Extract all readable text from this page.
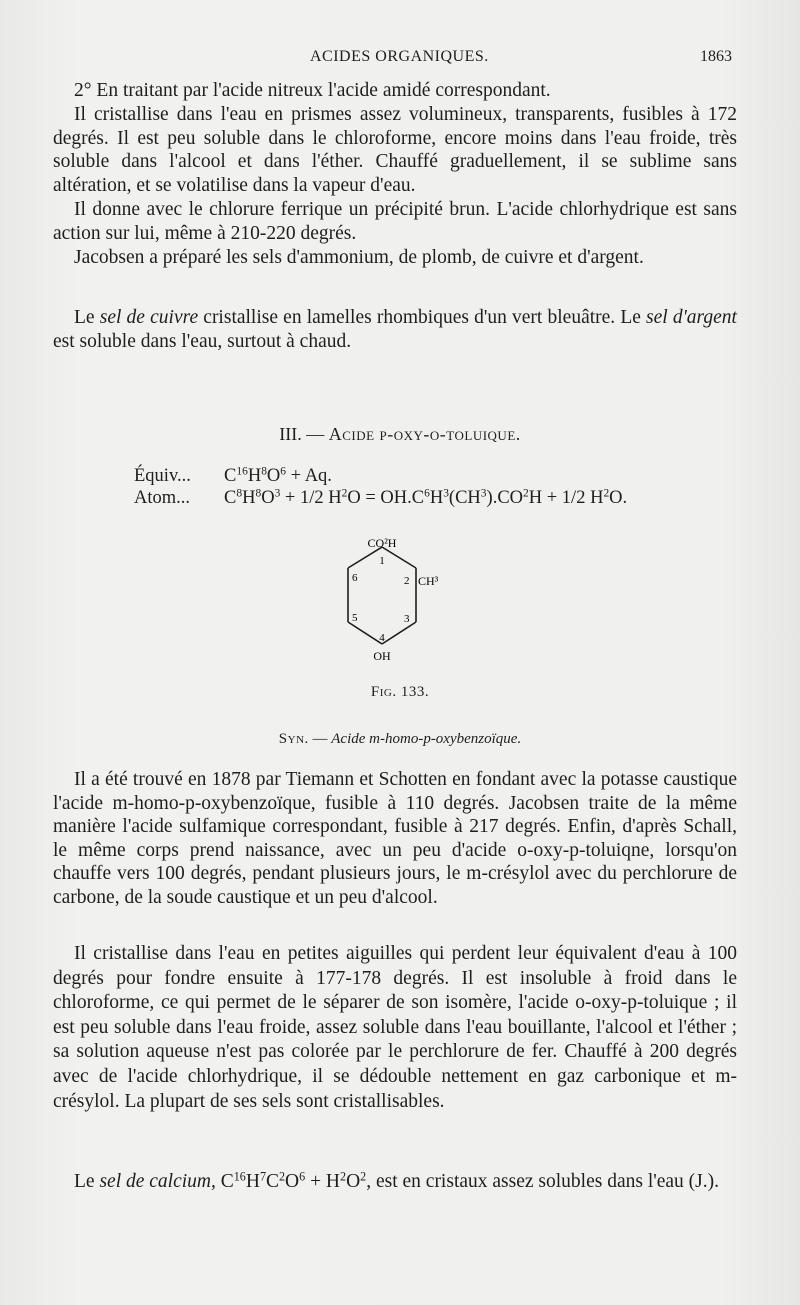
ACIDES ORGANIQUES.	1863

2° En traitant par l'acide nitreux l'acide amidé correspondant.

Il cristallise dans l'eau en prismes assez volumineux, transparents, fusibles à 172 degrés. Il est peu soluble dans le chloroforme, encore moins dans l'eau froide, très soluble dans l'alcool et dans l'éther. Chauffé graduellement, il se sublime sans altération, et se volatilise dans la vapeur d'eau.

Il donne avec le chlorure ferrique un précipité brun. L'acide chlorhydrique est sans action sur lui, même à 210-220 degrés.

Jacobsen a préparé les sels d'ammonium, de plomb, de cuivre et d'argent.

Le sel de cuivre cristallise en lamelles rhombiques d'un vert bleuâtre. Le sel d'argent est soluble dans l'eau, surtout à chaud.

III. — Acide p-oxy-o-toluique.
Équiv... $C^{16}H^8O^6 + Aq$.
Atom... $C^8H^8O^3 + 1/2$ $H^2O = OH.C^6H^3(CH^3).CO^2H + 1/2$ $H^2O$.
CO²H
CH³
OH
1
2
3
4
5
6
Fig. 133.
Syn. — Acide m-homo-p-oxybenzoïque.

Il a été trouvé en 1878 par Tiemann et Schotten en fondant avec la potasse caustique l'acide m-homo-p-oxybenzoïque, fusible à 110 degrés. Jacobsen traite de la même manière l'acide sulfamique correspondant, fusible à 217 degrés. Enfin, d'après Schall, le même corps prend naissance, avec un peu d'acide o-oxy-p-toluiqne, lorsqu'on chauffe vers 100 degrés, pendant plusieurs jours, le m-crésylol avec du perchlorure de carbone, de la soude caustique et un peu d'alcool.

Il cristallise dans l'eau en petites aiguilles qui perdent leur équivalent d'eau à 100 degrés pour fondre ensuite à 177-178 degrés. Il est insoluble à froid dans le chloroforme, ce qui permet de le séparer de son isomère, l'acide o-oxy-p-toluique ; il est peu soluble dans l'eau froide, assez soluble dans l'eau bouillante, l'alcool et l'éther ; sa solution aqueuse n'est pas colorée par le perchlorure de fer. Chauffé à 200 degrés avec de l'acide chlorhydrique, il se dédouble nettement en gaz carbonique et m-crésylol. La plupart de ses sels sont cristallisables.

Le sel de calcium, $C^{16}H^7C^2O^6 + H^2O^2$, est en cristaux assez solubles dans l'eau (J.).
